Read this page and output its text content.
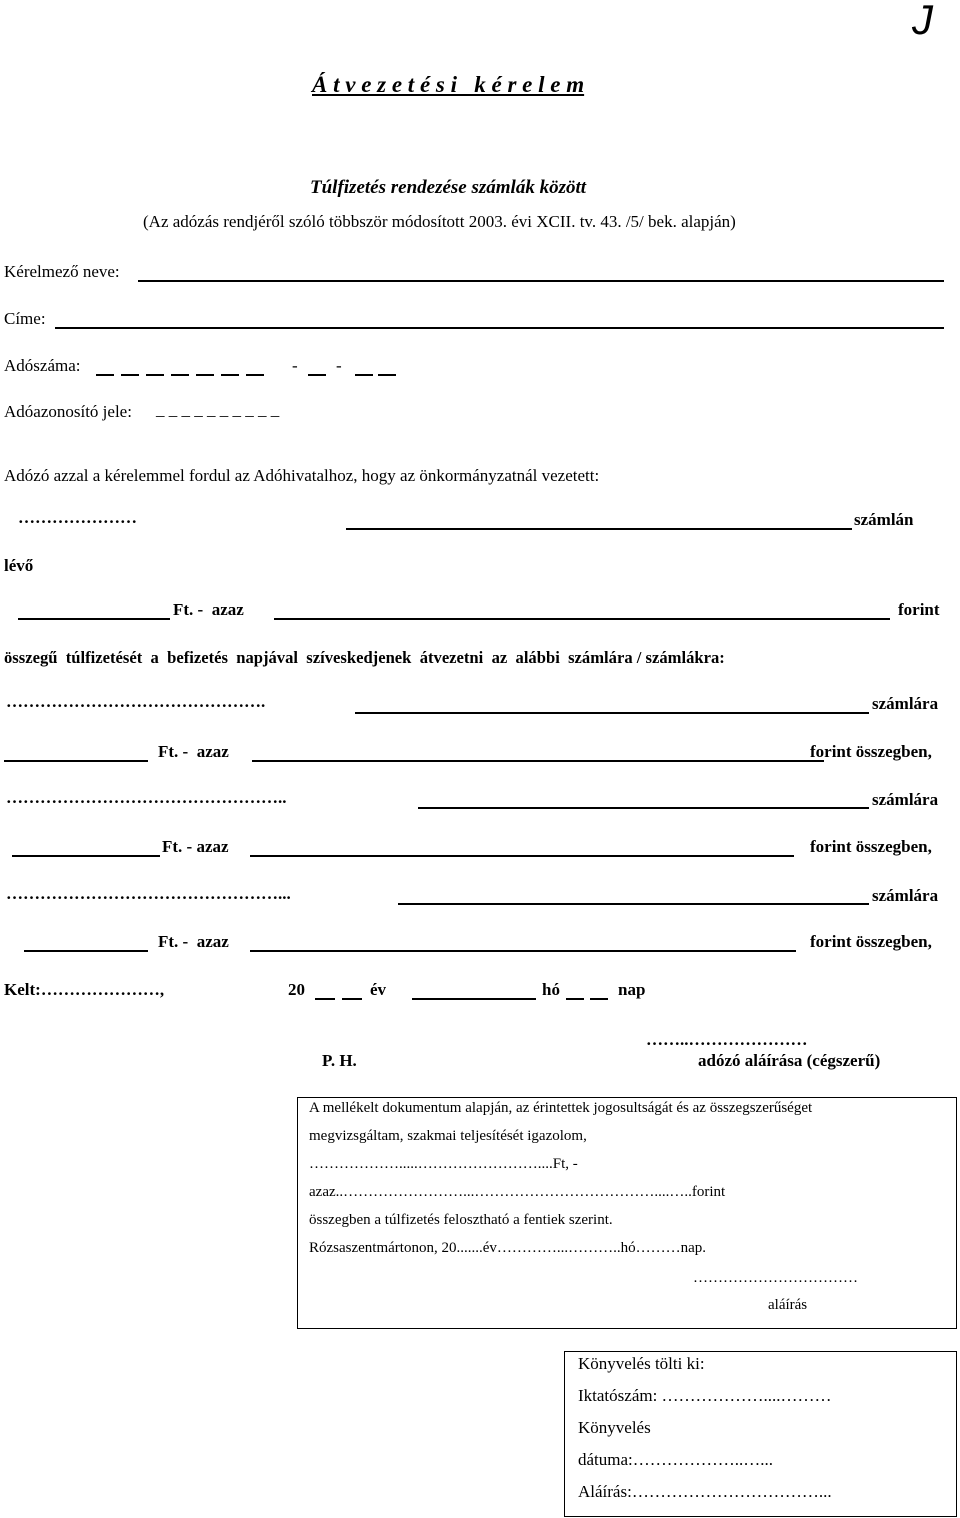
J
Á t v e z e t é s i   k é r e l e m
Túlfizetés rendezése számlák között
(Az adózás rendjéről szóló többször módosított 2003. évi XCII. tv. 43. /5/ bek. alapján)
Kérelmező neve:
Címe:
Adószáma:	- -
Adóazonosító jele: _ _ _ _ _ _ _ _ _ _
Adózó azzal a kérelemmel fordul az Adóhivatalhoz, hogy az önkormányzatnál vezetett:
…………………	számlán
lévő
Ft. -  azaz	forint
összegű  túlfizetését  a  befizetés  napjával  szíveskedjenek  átvezetni  az  alábbi  számlára / számlákra:
……………………………………….	számlára
Ft. -  azaz	forint összegben,
…………………………………………..	számlára
Ft. - azaz	forint összegben,
…………………………………………...	számlára
Ft. -  azaz	forint összegben,
Kelt:…………………,	20	év	hó	nap
……..…………………
P. H.	adózó aláírása (cégszerű)
A mellékelt dokumentum alapján, az érintettek jogosultságát és az összegszerűséget
megvizsgáltam, szakmai teljesítését igazolom,
……………….....……………………....Ft, -
azaz..……………………...………………………………....…..forint
összegben a túlfizetés felosztható a fentiek szerint.
Rózsaszentmártonon, 20.......év…………...………..hó………nap.
……………………………
aláírás
Könyvelés tölti ki:
Iktatószám: ………………....………
Könyvelés
dátuma:………………..…...
Aláírás:……………………………...
